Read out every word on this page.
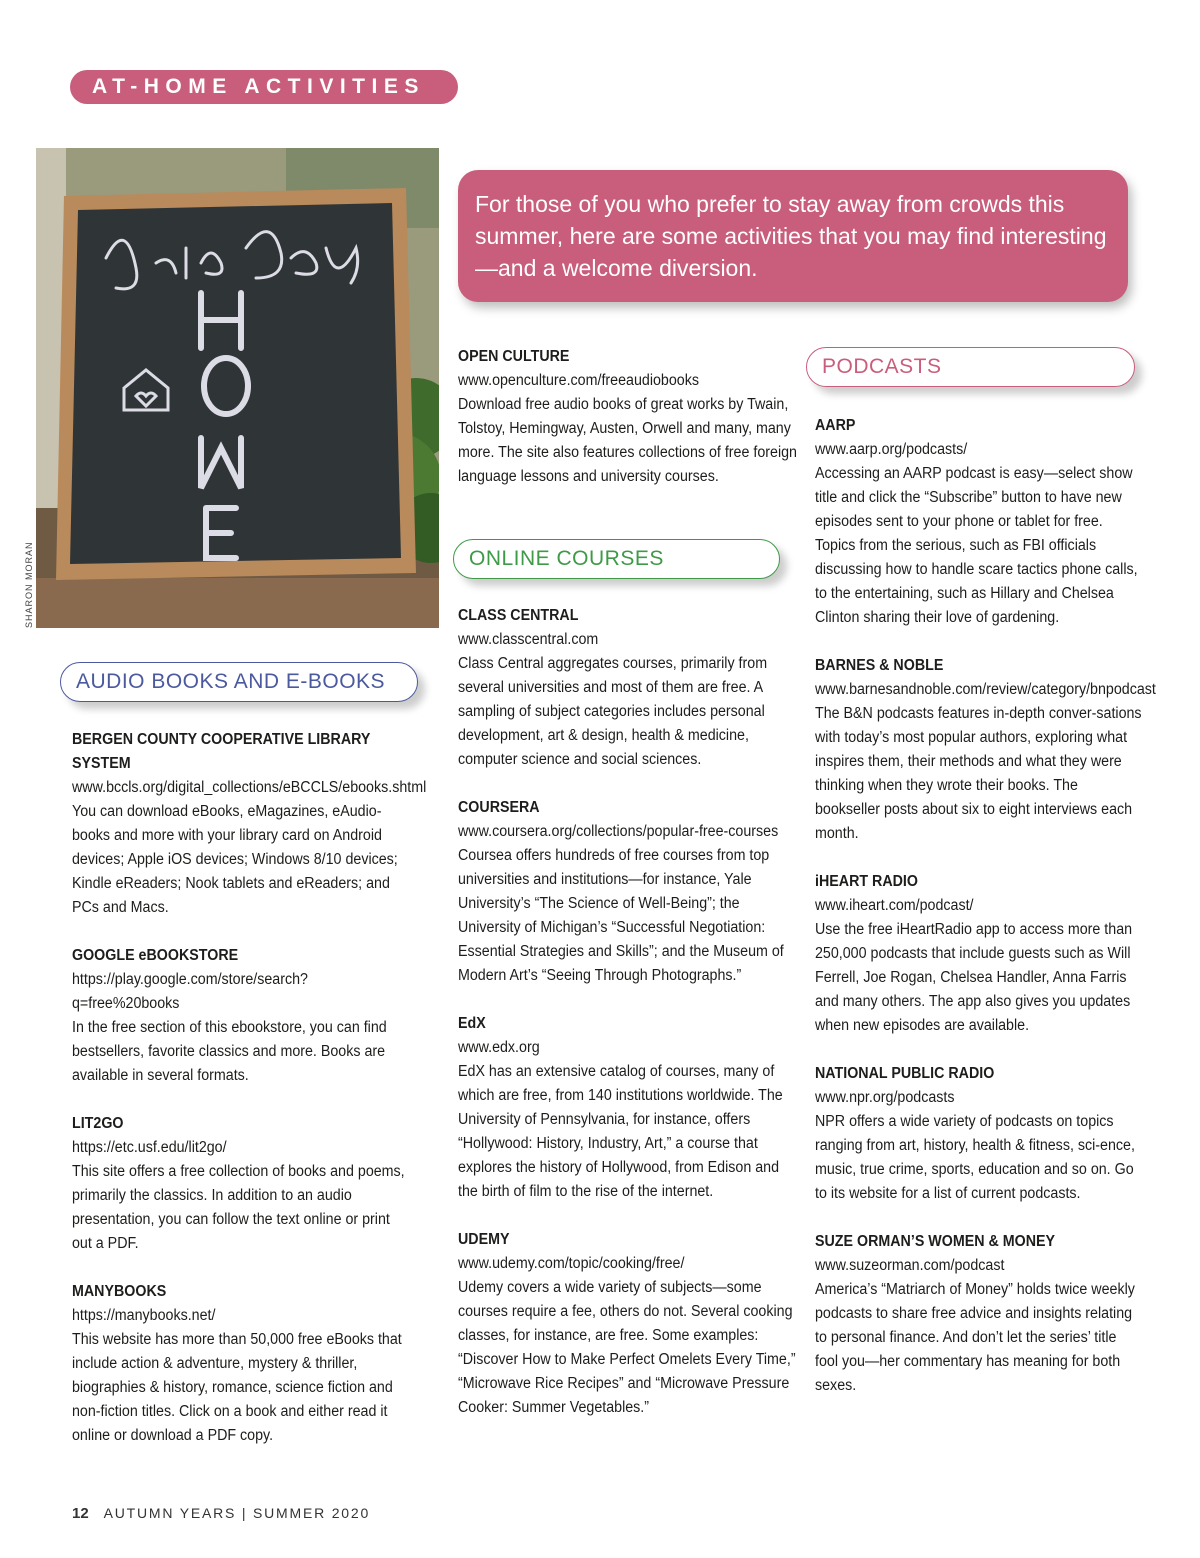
AT-HOME ACTIVITIES
SHARON MORAN
For those of you who prefer to stay away from crowds this summer, here are some activities that you may find interesting—and a welcome diversion.
AUDIO BOOKS AND E-BOOKS
ONLINE COURSES
PODCASTS
BERGEN COUNTY COOPERATIVE LIBRARY SYSTEM
www.bccls.org/digital_collections/eBCCLS/ebooks.shtml
You can download eBooks, eMagazines, eAudio-books and more with your library card on Android devices; Apple iOS devices; Windows 8/10 devices; Kindle eReaders; Nook tablets and eReaders; and PCs and Macs.
GOOGLE eBOOKSTORE
https://play.google.com/store/search?q=free%20books
In the free section of this ebookstore, you can find bestsellers, favorite classics and more. Books are available in several formats.
LIT2GO
https://etc.usf.edu/lit2go/
This site offers a free collection of books and poems, primarily the classics. In addition to an audio presentation, you can follow the text online or print out a PDF.
MANYBOOKS
https://manybooks.net/
This website has more than 50,000 free eBooks that include action & adventure, mystery & thriller, biographies & history, romance, science fiction and non-fiction titles. Click on a book and either read it online or download a PDF copy.
OPEN CULTURE
www.openculture.com/freeaudiobooks
Download free audio books of great works by Twain, Tolstoy, Hemingway, Austen, Orwell and many, many more. The site also features collections of free foreign language lessons and university courses.
CLASS CENTRAL
www.classcentral.com
Class Central aggregates courses, primarily from several universities and most of them are free. A sampling of subject categories includes personal development, art & design, health & medicine, computer science and social sciences.
COURSERA
www.coursera.org/collections/popular-free-courses
Coursea offers hundreds of free courses from top universities and institutions—for instance, Yale University’s “The Science of Well-Being”; the University of Michigan’s “Successful Negotiation: Essential Strategies and Skills”; and the Museum of Modern Art’s “Seeing Through Photographs.”
EdX
www.edx.org
EdX has an extensive catalog of courses, many of which are free, from 140 institutions worldwide. The University of Pennsylvania, for instance, offers “Hollywood: History, Industry, Art,” a course that explores the history of Hollywood, from Edison and the birth of film to the rise of the internet.
UDEMY
www.udemy.com/topic/cooking/free/
Udemy covers a wide variety of subjects—some courses require a fee, others do not. Several cooking classes, for instance, are free. Some examples: “Discover How to Make Perfect Omelets Every Time,” “Microwave Rice Recipes” and “Microwave Pressure Cooker: Summer Vegetables.”
AARP
www.aarp.org/podcasts/
Accessing an AARP podcast is easy—select show title and click the “Subscribe” button to have new episodes sent to your phone or tablet for free. Topics from the serious, such as FBI officials discussing how to handle scare tactics phone calls, to the entertaining, such as Hillary and Chelsea Clinton sharing their love of gardening.
BARNES & NOBLE
www.barnesandnoble.com/review/category/bnpodcast
The B&N podcasts features in-depth conver-sations with today’s most popular authors, exploring what inspires them, their methods and what they were thinking when they wrote their books. The bookseller posts about six to eight interviews each month.
iHEART RADIO
www.iheart.com/podcast/
Use the free iHeartRadio app to access more than 250,000 podcasts that include guests such as Will Ferrell, Joe Rogan, Chelsea Handler, Anna Farris and many others. The app also gives you updates when new episodes are available.
NATIONAL PUBLIC RADIO
www.npr.org/podcasts
NPR offers a wide variety of podcasts on topics ranging from art, history, health & fitness, sci-ence, music, true crime, sports, education and so on. Go to its website for a list of current podcasts.
SUZE ORMAN’S WOMEN & MONEY
www.suzeorman.com/podcast
America’s “Matriarch of Money” holds twice weekly podcasts to share free advice and insights relating to personal finance. And don’t let the series’ title fool you—her commentary has meaning for both sexes.
12 AUTUMN YEARS | SUMMER 2020
